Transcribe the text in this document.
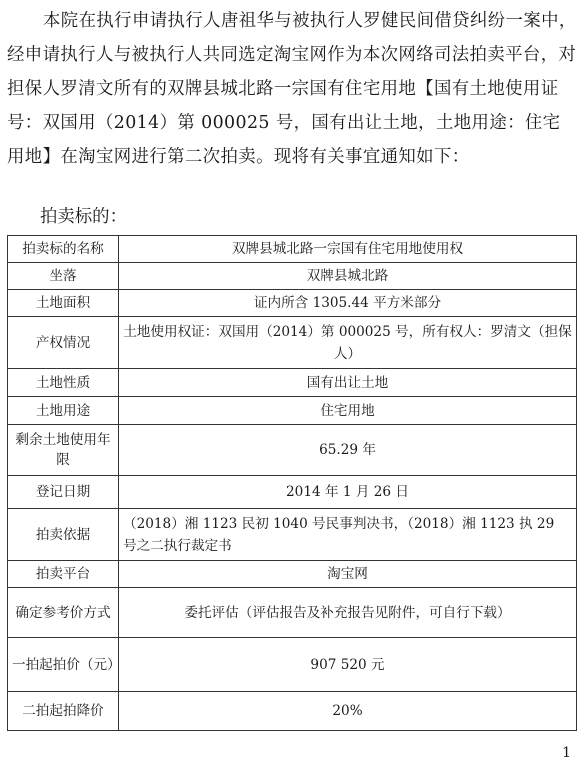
本院在执行申请执行人唐祖华与被执行人罗健民间借贷纠纷一案中，经申请执行人与被执行人共同选定淘宝网作为本次网络司法拍卖平台，对担保人罗清文所有的双牌县城北路一宗国有住宅用地【国有土地使用证号：双国用（2014）第 000025 号，国有出让土地，土地用途：住宅用地】在淘宝网进行第二次拍卖。现将有关事宜通知如下：

拍卖标的：
拍卖标的名称	双牌县城北路一宗国有住宅用地使用权
坐落	双牌县城北路
土地面积	证内所含 1305.44 平方米部分
产权情况	土地使用权证：双国用（2014）第 000025 号，所有权人：罗清文（担保人）
土地性质	国有出让土地
土地用途	住宅用地
剩余土地使用年限	65.29 年
登记日期	2014 年 1 月 26 日
拍卖依据	（2018）湘 1123 民初 1040 号民事判决书，（2018）湘 1123 执 29 号之二执行裁定书
拍卖平台	淘宝网
确定参考价方式	委托评估（评估报告及补充报告见附件，可自行下载）
一拍起拍价（元）	907 520 元
二拍起拍降价	20%
1
